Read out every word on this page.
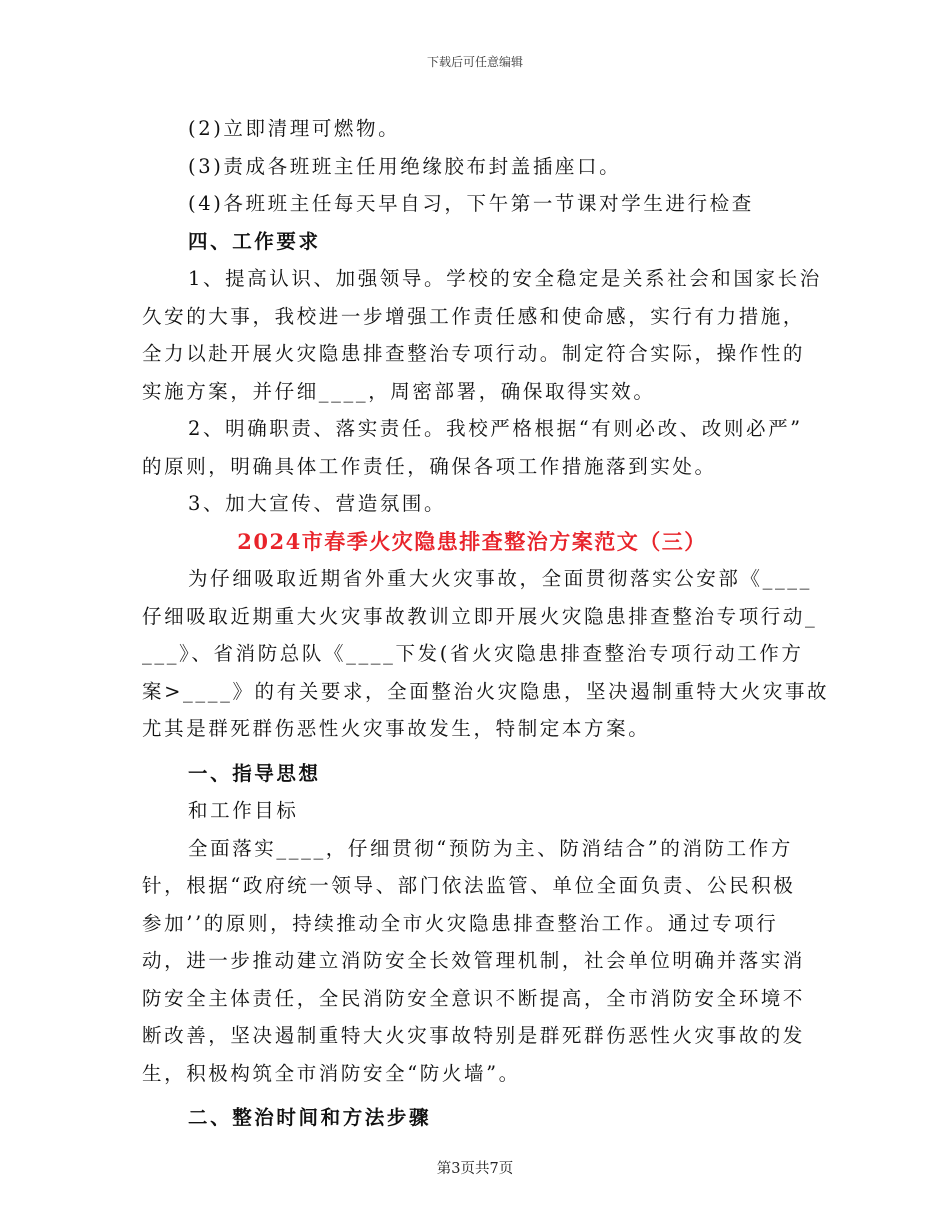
下载后可任意编辑
(2)立即清理可燃物。
(3)责成各班班主任用绝缘胶布封盖插座口。
(4)各班班主任每天早自习，下午第一节课对学生进行检查
四、工作要求
1、提高认识、加强领导。学校的安全稳定是关系社会和国家长治
久安的大事，我校进一步增强工作责任感和使命感，实行有力措施，
全力以赴开展火灾隐患排查整治专项行动。制定符合实际，操作性的
实施方案，并仔细____，周密部署，确保取得实效。
2、明确职责、落实责任。我校严格根据“有则必改、改则必严”
的原则，明确具体工作责任，确保各项工作措施落到实处。
3、加大宣传、营造氛围。
2024市春季火灾隐患排查整治方案范文（三）
为仔细吸取近期省外重大火灾事故，全面贯彻落实公安部《____
仔细吸取近期重大火灾事故教训立即开展火灾隐患排查整治专项行动_
___》、省消防总队《____下发(省火灾隐患排查整治专项行动工作方
案>____》的有关要求，全面整治火灾隐患，坚决遏制重特大火灾事故
尤其是群死群伤恶性火灾事故发生，特制定本方案。
一、指导思想
和工作目标
全面落实____，仔细贯彻“预防为主、防消结合”的消防工作方
针，根据“政府统一领导、部门依法监管、单位全面负责、公民积极
参加’’的原则，持续推动全市火灾隐患排查整治工作。通过专项行
动，进一步推动建立消防安全长效管理机制，社会单位明确并落实消
防安全主体责任，全民消防安全意识不断提高，全市消防安全环境不
断改善，坚决遏制重特大火灾事故特别是群死群伤恶性火灾事故的发
生，积极构筑全市消防安全“防火墙”。
二、整治时间和方法步骤
第3页共7页
